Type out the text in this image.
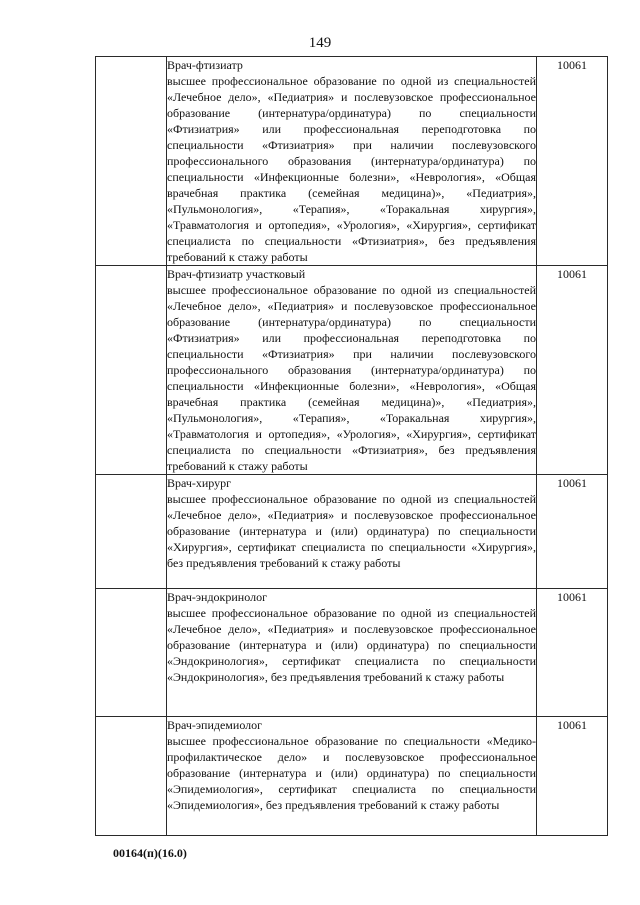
149

	Врач-фтизиатр
высшее профессиональное образование по одной из специальностей «Лечебное дело», «Педиатрия» и послевузовское профессиональное образование (интернатура/ординатура) по специальности «Фтизиатрия» или профессиональная переподготовка по специальности «Фтизиатрия» при наличии послевузовского профессионального образования (интернатура/ординатура) по специальности «Инфекционные болезни», «Неврология», «Общая врачебная практика (семейная медицина)», «Педиатрия», «Пульмонология», «Терапия», «Торакальная хирургия», «Травматология и ортопедия», «Урология», «Хирургия», сертификат специалиста по специальности «Фтизиатрия», без предъявления требований к стажу работы	10061

	Врач-фтизиатр участковый
высшее профессиональное образование по одной из специальностей «Лечебное дело», «Педиатрия» и послевузовское профессиональное образование (интернатура/ординатура) по специальности «Фтизиатрия» или профессиональная переподготовка по специальности «Фтизиатрия» при наличии послевузовского профессионального образования (интернатура/ординатура) по специальности «Инфекционные болезни», «Неврология», «Общая врачебная практика (семейная медицина)», «Педиатрия», «Пульмонология», «Терапия», «Торакальная хирургия», «Травматология и ортопедия», «Урология», «Хирургия», сертификат специалиста по специальности «Фтизиатрия», без предъявления требований к стажу работы	10061

	Врач-хирург
высшее профессиональное образование по одной из специальностей «Лечебное дело», «Педиатрия» и послевузовское профессиональное образование (интернатура и (или) ординатура) по специальности «Хирургия», сертификат специалиста по специальности «Хирургия», без предъявления требований к стажу работы	10061

	Врач-эндокринолог
высшее профессиональное образование по одной из специальностей «Лечебное дело», «Педиатрия» и послевузовское профессиональное образование (интернатура и (или) ординатура) по специальности «Эндокринология», сертификат специалиста по специальности «Эндокринология», без предъявления требований к стажу работы	10061

	Врач-эпидемиолог
высшее профессиональное образование по специальности «Медико-профилактическое дело» и послевузовское профессиональное образование (интернатура и (или) ординатура) по специальности «Эпидемиология», сертификат специалиста по специальности «Эпидемиология», без предъявления требований к стажу работы	10061
00164(п)(16.0)
